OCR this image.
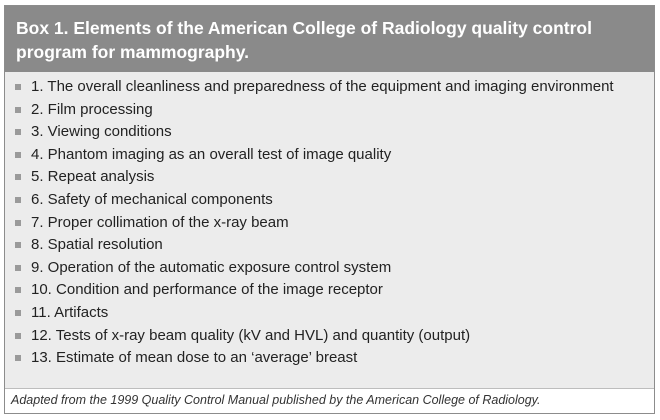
Box 1. Elements of the American College of Radiology quality control program for mammography.
1. The overall cleanliness and preparedness of the equipment and imaging environment
2. Film processing
3. Viewing conditions
4. Phantom imaging as an overall test of image quality
5. Repeat analysis
6. Safety of mechanical components
7. Proper collimation of the x-ray beam
8. Spatial resolution
9. Operation of the automatic exposure control system
10. Condition and performance of the image receptor
11. Artifacts
12. Tests of x-ray beam quality (kV and HVL) and quantity (output)
13. Estimate of mean dose to an ‘average’ breast
Adapted from the 1999 Quality Control Manual published by the American College of Radiology.
